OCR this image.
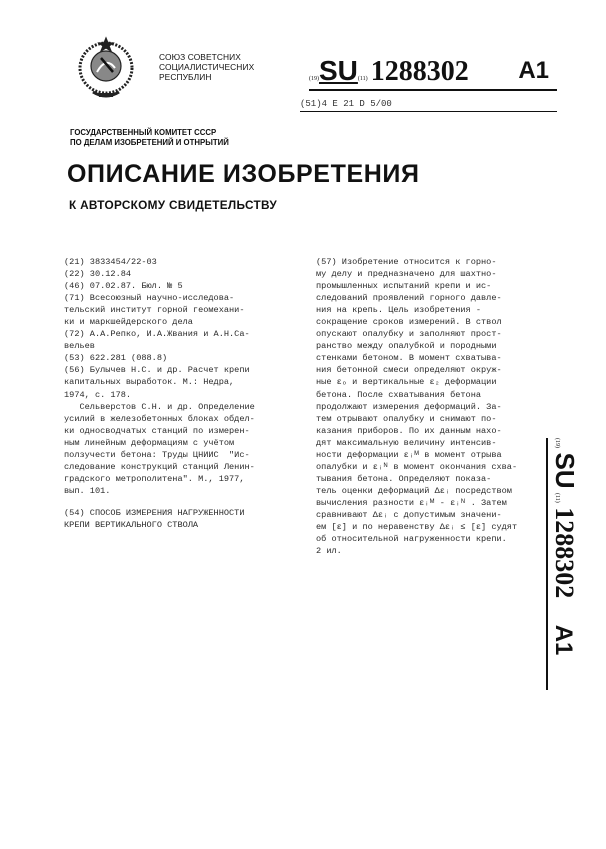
СОЮЗ СОВЕТСНИХ
СОЦИАЛИСТИЧЕСНИХ
РЕСПУБЛИН	(19)SU(11) 1288302 A1
(51)4 Е 21 D 5/00
ГОСУДАРСТВЕННЫЙ КОМИТЕТ СССР
ПО ДЕЛАМ ИЗОБРЕТЕНИЙ И ОТНРЫТИЙ
ОПИСАНИЕ ИЗОБРЕТЕНИЯ
К АВТОРСКОМУ СВИДЕТЕЛЬСТВУ
(21) 3833454/22-03
(22) 30.12.84
(46) 07.02.87. Бюл. № 5
(71) Всесоюзный научно-исследова-
тельский институт горной геомехани-
ки и маркшейдерского дела
(72) А.А.Репко, И.А.Жвания и А.Н.Са-
вельев
(53) 622.281 (088.8)
(56) Булычев Н.С. и др. Расчет крепи
капитальных выработок. М.: Недра,
1974, с. 178.
Сельверстов С.Н. и др. Определение
усилий в железобетонных блоках обдел-
ки односводчатых станций по измерен-
ным линейным деформациям с учётом
ползучести бетона: Труды ЦНИИС  "Ис-
следование конструкций станций Ленин-
градского метрополитена". М., 1977,
вып. 101.
(54) СПОСОБ ИЗМЕРЕНИЯ НАГРУЖЕННОСТИ
КРЕПИ ВЕРТИКАЛЬНОГО СТВОЛА
(57) Изобретение относится к горно-
му делу и предназначено для шахтно-
промышленных испытаний крепи и ис-
следований проявлений горного давле-
ния на крепь. Цель изобретения -
сокращение сроков измерений. В ствол
опускают опалубку и заполняют прост-
ранство между опалубкой и породными
стенками бетоном. В момент схватыва-
ния бетонной смеси определяют окруж-
ные εₒ и вертикальные ε₂ деформации
бетона. После схватывания бетона
продолжают измерения деформаций. За-
тем отрывают опалубку и снимают по-
казания приборов. По их данным нахо-
дят максимальную величину интенсив-
ности деформации εᵢᴹ в момент отрыва
опалубки и εᵢᴺ в момент окончания схва-
тывания бетона. Определяют показа-
тель оценки деформаций Δεᵢ посредством
вычисления разности εᵢᴹ - εᵢᴺ . Затем
сравнивают Δεᵢ с допустимым значени-
ем [ε] и по неравенству Δεᵢ ≤ [ε] судят
об относительной нагруженности крепи.
2 ил.
(19) SU (11) 1288302 A1
